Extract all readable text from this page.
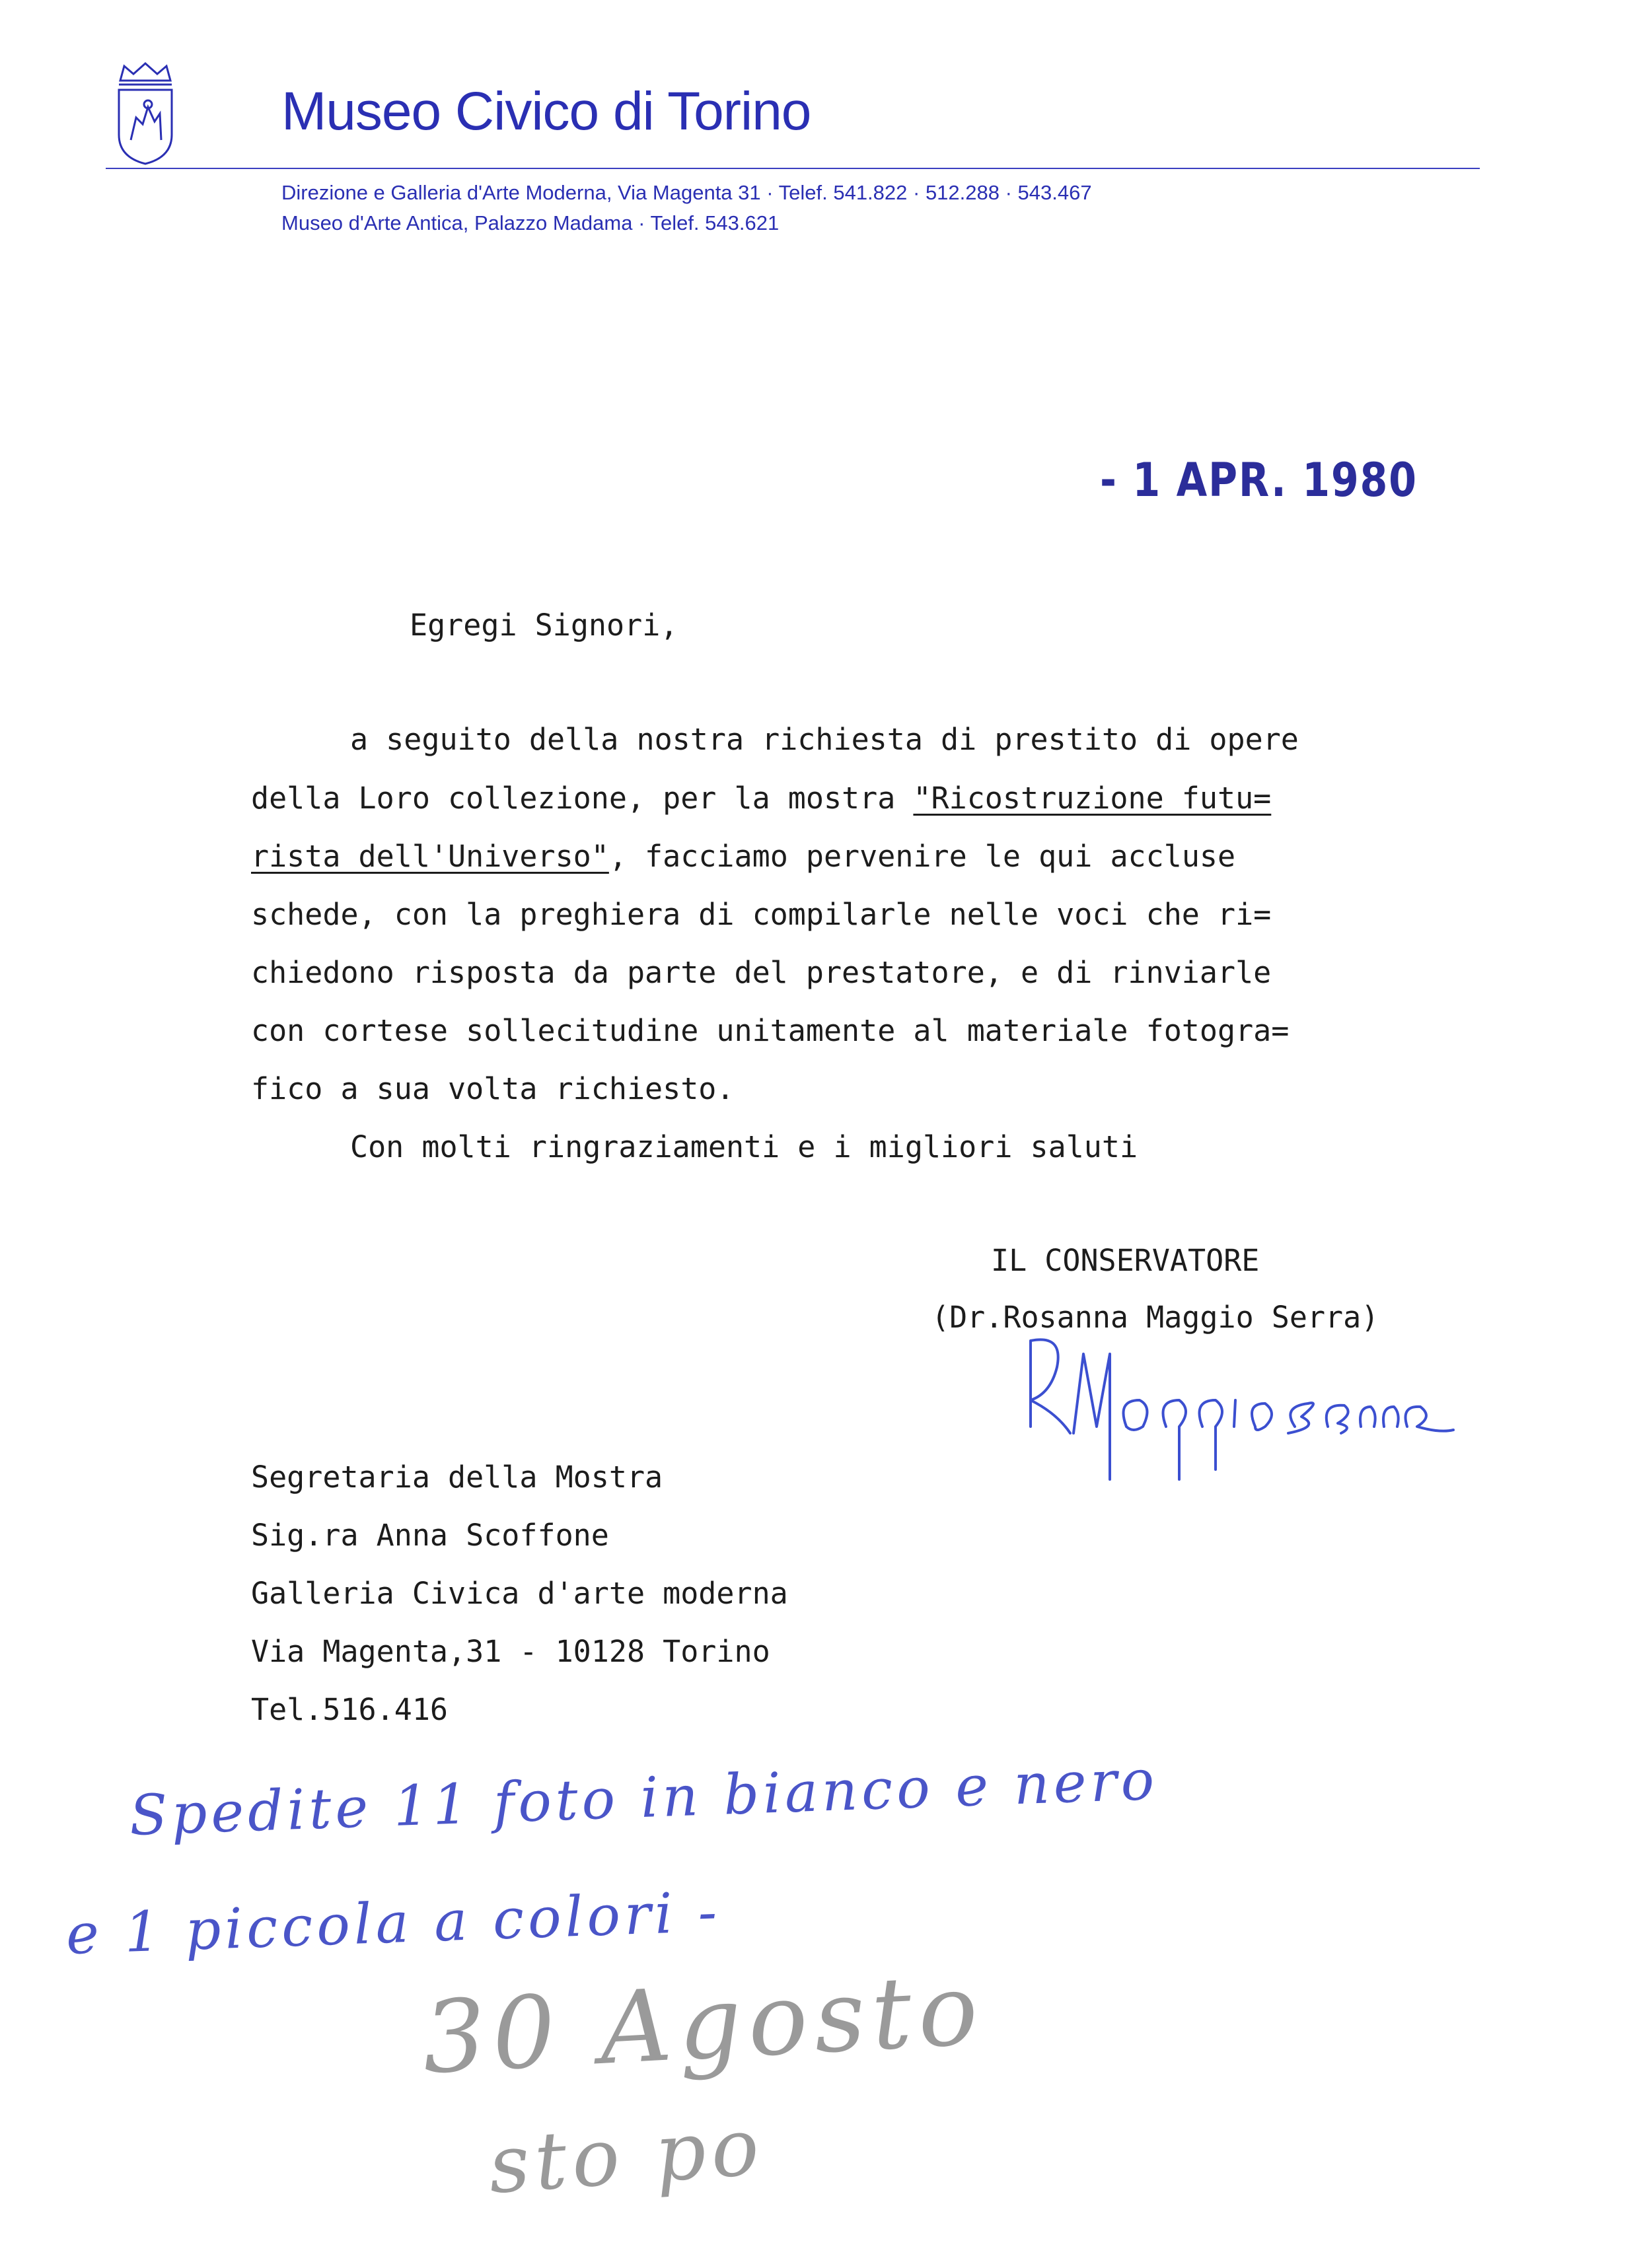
Museo Civico di Torino
Direzione e Galleria d'Arte Moderna, Via Magenta 31 · Telef. 541.822 · 512.288 · 543.467
Museo d'Arte Antica, Palazzo Madama · Telef. 543.621
- 1 APR. 1980
Egregi Signori,
a seguito della nostra richiesta di prestito di opere
della Loro collezione, per la mostra "Ricostruzione futu=
rista dell'Universo", facciamo pervenire le qui accluse
schede, con la preghiera di compilarle nelle voci che ri=
chiedono risposta da parte del prestatore, e di rinviarle
con cortese sollecitudine unitamente al materiale fotogra=
fico a sua volta richiesto.
Con molti ringraziamenti e i migliori saluti
IL CONSERVATORE
(Dr.Rosanna Maggio Serra)
Segretaria della Mostra
Sig.ra Anna Scoffone
Galleria Civica d'arte moderna
Via Magenta,31 - 10128 Torino
Tel.516.416
Spedite 11 foto in bianco e nero
e 1 piccola a colori -
30 Agosto
sto po
